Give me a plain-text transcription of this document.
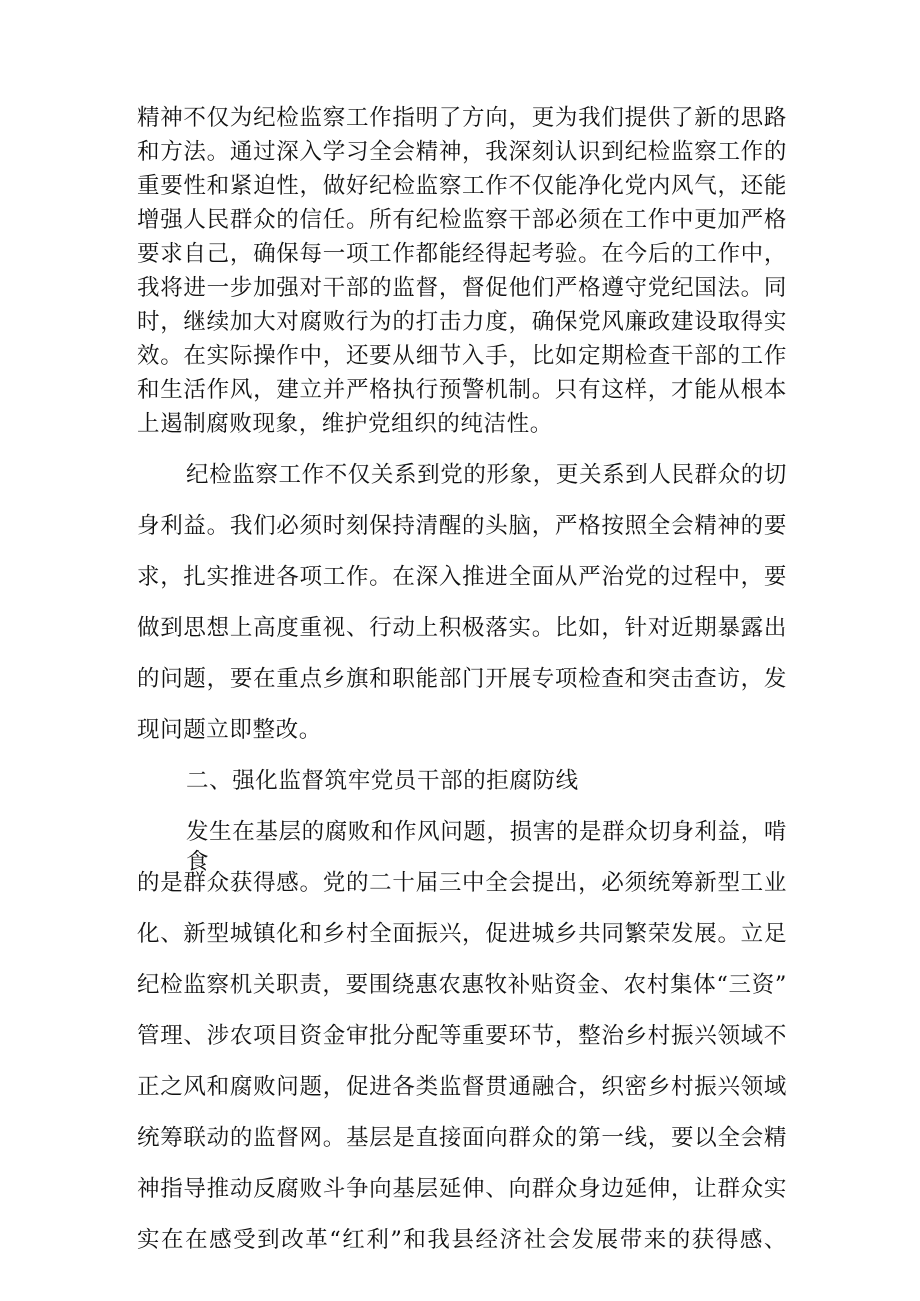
精神不仅为纪检监察工作指明了方向，更为我们提供了新的思路
和方法。通过深入学习全会精神，我深刻认识到纪检监察工作的
重要性和紧迫性，做好纪检监察工作不仅能净化党内风气，还能
增强人民群众的信任。所有纪检监察干部必须在工作中更加严格
要求自己，确保每一项工作都能经得起考验。在今后的工作中，
我将进一步加强对干部的监督，督促他们严格遵守党纪国法。同
时，继续加大对腐败行为的打击力度，确保党风廉政建设取得实
效。在实际操作中，还要从细节入手，比如定期检查干部的工作
和生活作风，建立并严格执行预警机制。只有这样，才能从根本
上遏制腐败现象，维护党组织的纯洁性。
纪检监察工作不仅关系到党的形象，更关系到人民群众的切
身利益。我们必须时刻保持清醒的头脑，严格按照全会精神的要
求，扎实推进各项工作。在深入推进全面从严治党的过程中，要
做到思想上高度重视、行动上积极落实。比如，针对近期暴露出
的问题，要在重点乡旗和职能部门开展专项检查和突击查访，发
现问题立即整改。
二、强化监督筑牢党员干部的拒腐防线
发生在基层的腐败和作风问题，损害的是群众切身利益，啃食
的是群众获得感。党的二十届三中全会提出，必须统筹新型工业
化、新型城镇化和乡村全面振兴，促进城乡共同繁荣发展。立足
纪检监察机关职责，要围绕惠农惠牧补贴资金、农村集体“三资”
管理、涉农项目资金审批分配等重要环节，整治乡村振兴领域不
正之风和腐败问题，促进各类监督贯通融合，织密乡村振兴领域
统筹联动的监督网。基层是直接面向群众的第一线，要以全会精
神指导推动反腐败斗争向基层延伸、向群众身边延伸，让群众实
实在在感受到改革“红利”和我县经济社会发展带来的获得感、
